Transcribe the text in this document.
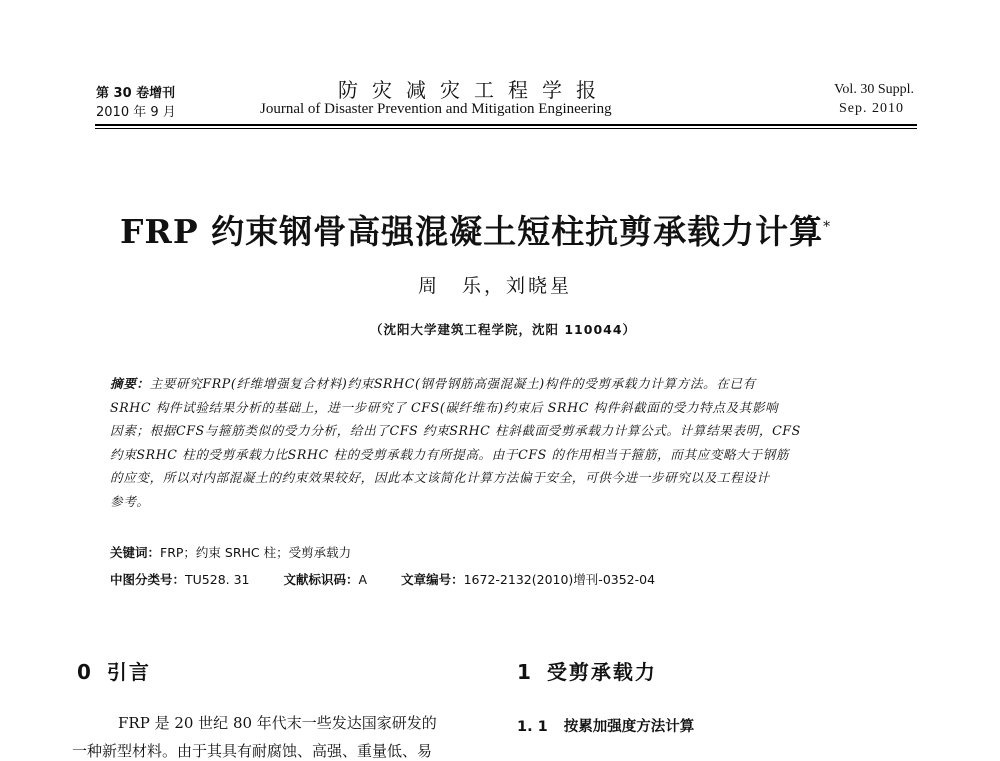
第 30 卷增刊
2010 年 9 月
防灾减灾工程学报
Journal of Disaster Prevention and Mitigation Engineering
Vol. 30 Suppl.
Sep. 2010
FRP 约束钢骨高强混凝土短柱抗剪承载力计算*
周　乐，刘晓星
（沈阳大学建筑工程学院，沈阳 110044）
摘要：主要研究FRP(纤维增强复合材料)约束SRHC(钢骨钢筋高强混凝土)构件的受剪承载力计算方法。在已有
SRHC 构件试验结果分析的基础上，进一步研究了 CFS(碳纤维布)约束后 SRHC 构件斜截面的受力特点及其影响
因素；根据CFS与箍筋类似的受力分析，给出了CFS 约束SRHC 柱斜截面受剪承载力计算公式。计算结果表明，CFS
约束SRHC 柱的受剪承载力比SRHC 柱的受剪承载力有所提高。由于CFS 的作用相当于箍筋，而其应变略大于钢筋
的应变，所以对内部混凝土的约束效果较好，因此本文该简化计算方法偏于安全，可供今进一步研究以及工程设计
参考。
关键词：FRP；约束 SRHC 柱；受剪承载力
中图分类号：TU528. 31	文献标识码：A	文章编号：1672-2132(2010)增刊-0352-04
0 引言
FRP 是 20 世纪 80 年代末一些发达国家研发的
一种新型材料。由于其具有耐腐蚀、高强、重量低、易
1 受剪承载力
1. 1 按累加强度方法计算
